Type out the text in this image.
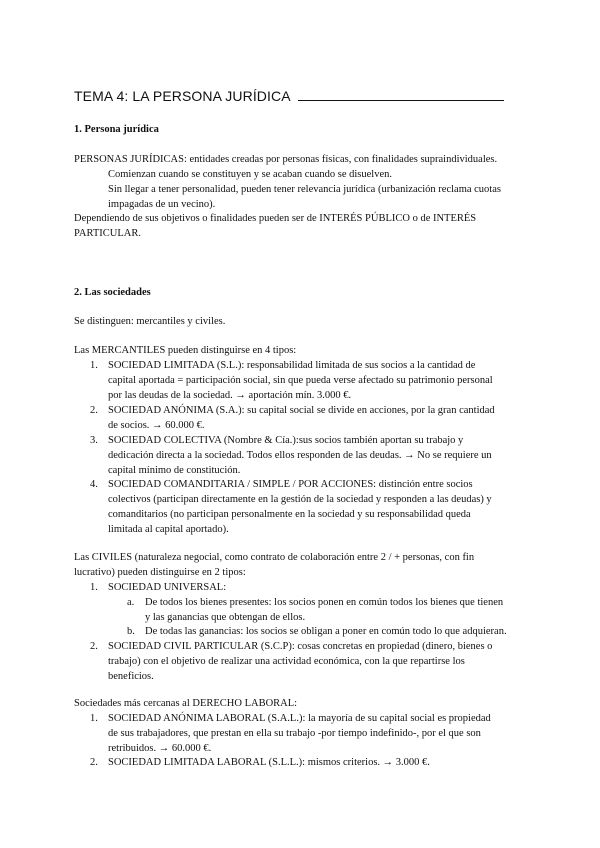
TEMA 4: LA PERSONA JURÍDICA
1. Persona jurídica
PERSONAS JURÍDICAS: entidades creadas por personas físicas, con finalidades supraindividuales.
Comienzan cuando se constituyen y se acaban cuando se disuelven.
Sin llegar a tener personalidad, pueden tener relevancia jurídica (urbanización reclama cuotas
impagadas de un vecino).
Dependiendo de sus objetivos o finalidades pueden ser de INTERÉS PÚBLICO o de INTERÉS
PARTICULAR.
2. Las sociedades
Se distinguen: mercantiles y civiles.
Las MERCANTILES pueden distinguirse en 4 tipos:
1. SOCIEDAD LIMITADA (S.L.): responsabilidad limitada de sus socios a la cantidad de
capital aportada = participación social, sin que pueda verse afectado su patrimonio personal
por las deudas de la sociedad. → aportación mín. 3.000 €.
2. SOCIEDAD ANÓNIMA (S.A.): su capital social se divide en acciones, por la gran cantidad
de socios. → 60.000 €.
3. SOCIEDAD COLECTIVA (Nombre & Cía.):sus socios también aportan su trabajo y
dedicación directa a la sociedad. Todos ellos responden de las deudas. → No se requiere un
capital mínimo de constitución.
4. SOCIEDAD COMANDITARIA / SIMPLE / POR ACCIONES: distinción entre socios
colectivos (participan directamente en la gestión de la sociedad y responden a las deudas) y
comanditarios (no participan personalmente en la sociedad y su responsabilidad queda
limitada al capital aportado).
Las CIVILES (naturaleza negocial, como contrato de colaboración entre 2 / + personas, con fin
lucrativo) pueden distinguirse en 2 tipos:
1. SOCIEDAD UNIVERSAL:
a. De todos los bienes presentes: los socios ponen en común todos los bienes que tienen
y las ganancias que obtengan de ellos.
b. De todas las ganancias: los socios se obligan a poner en común todo lo que adquieran.
2. SOCIEDAD CIVIL PARTICULAR (S.C.P): cosas concretas en propiedad (dinero, bienes o
trabajo) con el objetivo de realizar una actividad económica, con la que repartirse los
beneficios.
Sociedades más cercanas al DERECHO LABORAL:
1. SOCIEDAD ANÓNIMA LABORAL (S.A.L.): la mayoría de su capital social es propiedad
de sus trabajadores, que prestan en ella su trabajo -por tiempo indefinido-, por el que son
retribuidos. → 60.000 €.
2. SOCIEDAD LIMITADA LABORAL (S.L.L.): mismos criterios. → 3.000 €.
